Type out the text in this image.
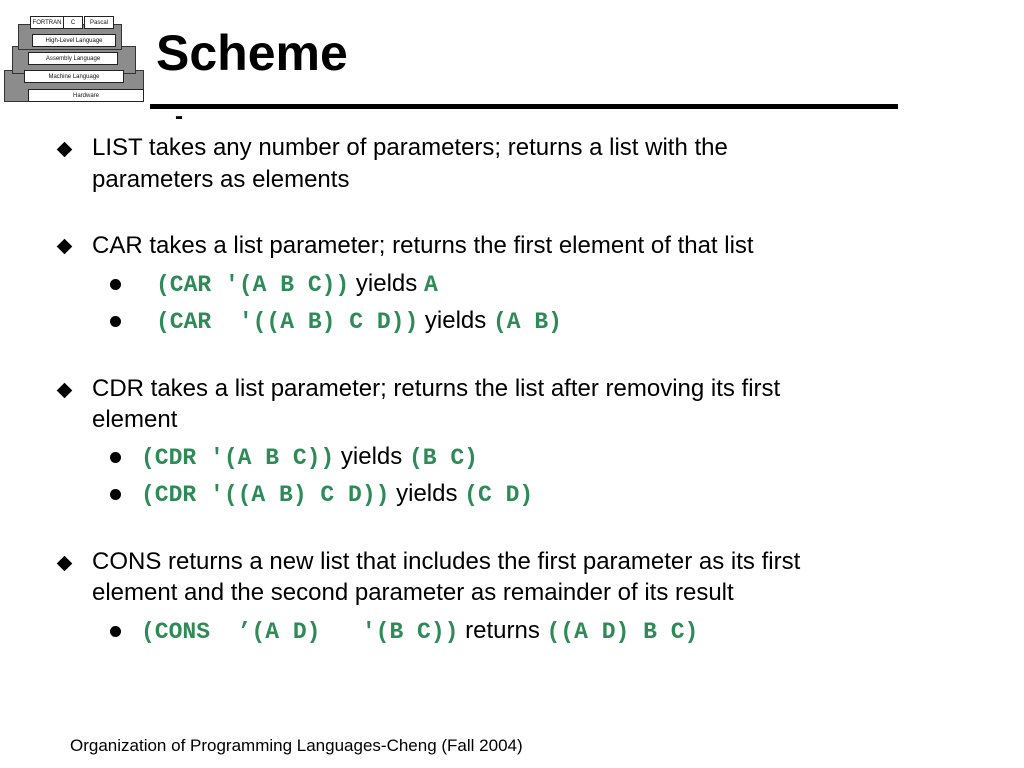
FORTRAN	C	Pascal
High-Level Language
Assembly Language
Machine Language
Hardware
Scheme
-
LIST takes any number of parameters; returns a list with the
parameters as elements
CAR takes a list parameter; returns the first element of that list
(CAR '(A B C)) yields A
(CAR  '((A B) C D)) yields (A B)
CDR takes a list parameter; returns the list after removing its first
element
(CDR '(A B C)) yields (B C)
(CDR '((A B) C D)) yields (C D)
CONS returns a new list that includes the first parameter as its first
element and the second parameter as remainder of its result
(CONS  ’(A D)   '(B C)) returns ((A D) B C)
Organization of Programming Languages-Cheng (Fall 2004)
